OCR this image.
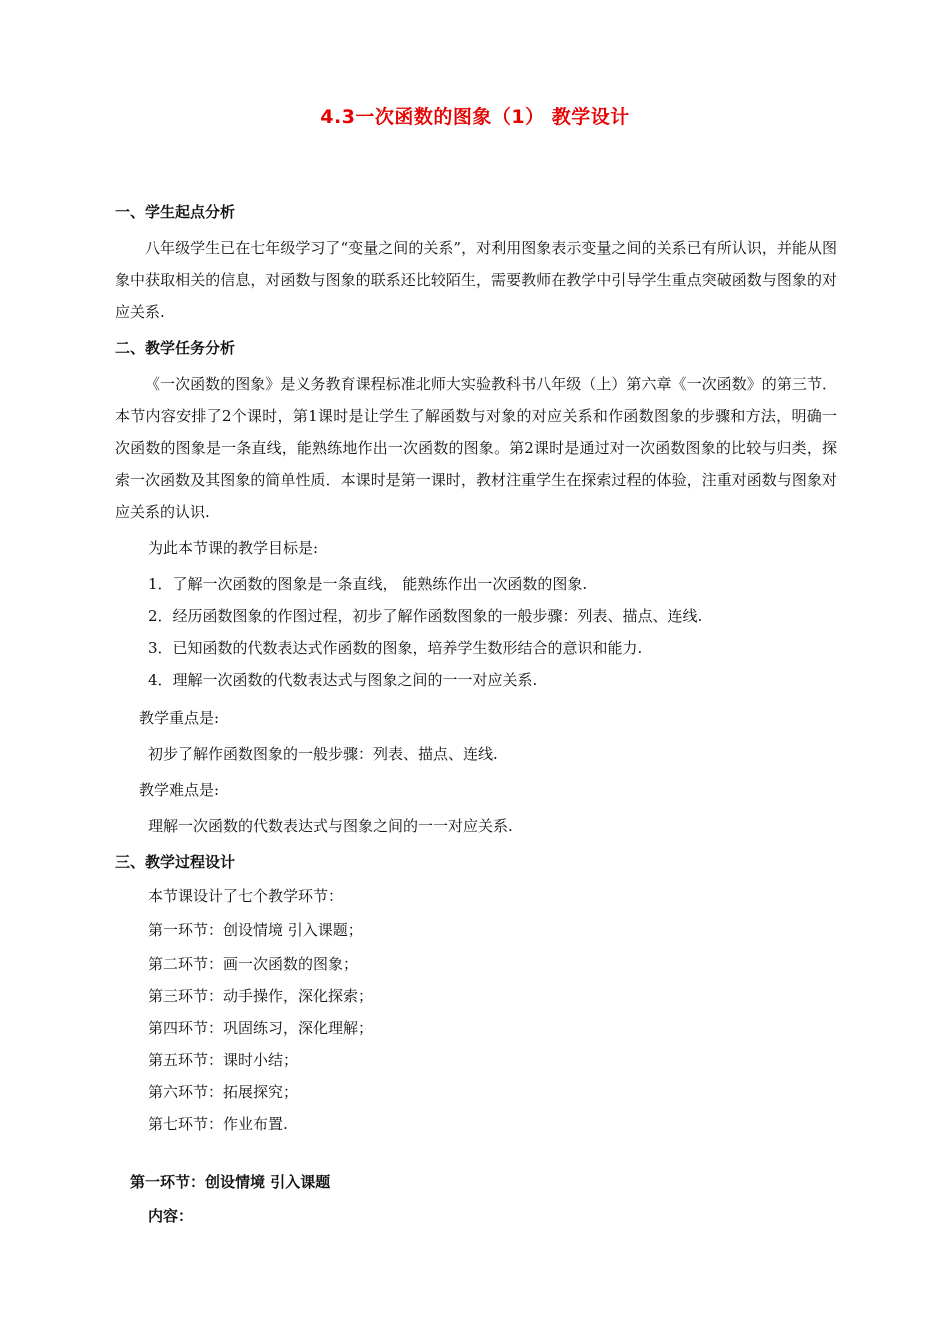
4.3一次函数的图象（1） 教学设计
一、学生起点分析
八年级学生已在七年级学习了“变量之间的关系”，对利用图象表示变量之间的关系已有所认识，并能从图象中获取相关的信息，对函数与图象的联系还比较陌生，需要教师在教学中引导学生重点突破函数与图象的对应关系.
二、教学任务分析
《一次函数的图象》是义务教育课程标准北师大实验教科书八年级（上）第六章《一次函数》的第三节．本节内容安排了2个课时，第1课时是让学生了解函数与对象的对应关系和作函数图象的步骤和方法，明确一次函数的图象是一条直线，能熟练地作出一次函数的图象。第2课时是通过对一次函数图象的比较与归类，探索一次函数及其图象的简单性质．本课时是第一课时，教材注重学生在探索过程的体验，注重对函数与图象对应关系的认识.
为此本节课的教学目标是:
1．了解一次函数的图象是一条直线， 能熟练作出一次函数的图象.
2．经历函数图象的作图过程，初步了解作函数图象的一般步骤：列表、描点、连线.
3．已知函数的代数表达式作函数的图象，培养学生数形结合的意识和能力.
4．理解一次函数的代数表达式与图象之间的一一对应关系.
教学重点是:
初步了解作函数图象的一般步骤：列表、描点、连线.
教学难点是:
理解一次函数的代数表达式与图象之间的一一对应关系.
三、教学过程设计
本节课设计了七个教学环节：
第一环节：创设情境 引入课题；
第二环节：画一次函数的图象；
第三环节：动手操作，深化探索；
第四环节：巩固练习，深化理解；
第五环节：课时小结；
第六环节：拓展探究；
第七环节：作业布置.
第一环节：创设情境 引入课题
内容：
